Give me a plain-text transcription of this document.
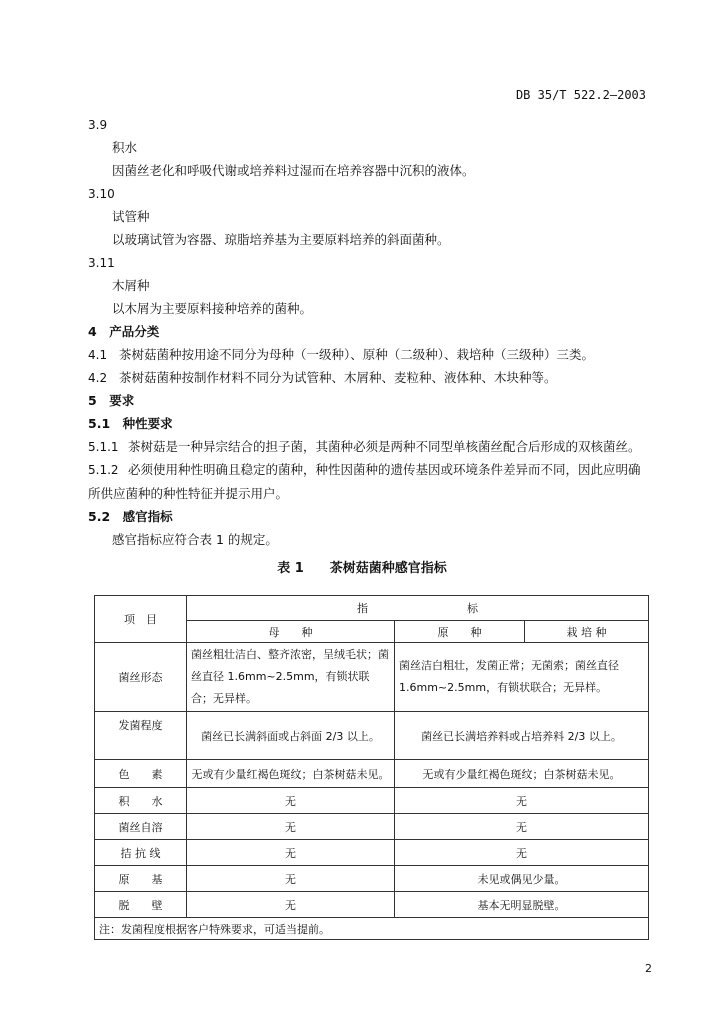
DB 35/T 522.2—2003
3.9
积水
因菌丝老化和呼吸代谢或培养料过湿而在培养容器中沉积的液体。
3.10
试管种
以玻璃试管为容器、琼脂培养基为主要原料培养的斜面菌种。
3.11
木屑种
以木屑为主要原料接种培养的菌种。
4　产品分类
4.1 茶树菇菌种按用途不同分为母种（一级种）、原种（二级种）、栽培种（三级种）三类。
4.2 茶树菇菌种按制作材料不同分为试管种、木屑种、麦粒种、液体种、木块种等。
5　要求
5.1　种性要求
5.1.1 茶树菇是一种异宗结合的担子菌，其菌种必须是两种不同型单核菌丝配合后形成的双核菌丝。
5.1.2 必须使用种性明确且稳定的菌种，种性因菌种的遗传基因或环境条件差异而不同，因此应明确
所供应菌种的种性特征并提示用户。
5.2　感官指标
感官指标应符合表 1 的规定。
表 1　　茶树菇菌种感官指标
项　目	指　　　　　　　　　标		
	母　　种	原　　种	栽 培 种
菌丝形态	菌丝粗壮洁白、整齐浓密，呈绒毛状；菌丝直径 1.6mm~2.5mm，有锁状联合；无异样。	菌丝洁白粗壮，发菌正常；无菌索；菌丝直径 1.6mm~2.5mm，有锁状联合；无异样。	
发菌程度	菌丝已长满斜面或占斜面 2/3 以上。	菌丝已长满培养料或占培养料 2/3 以上。	
色　　素	无或有少量红褐色斑纹；白茶树菇未见。	无或有少量红褐色斑纹；白茶树菇未见。	
积　　水	无	无	
菌丝自溶	无	无	
拮 抗 线	无	无	
原　　基	无	未见或偶见少量。	
脱　　壁	无	基本无明显脱壁。	
注：发菌程度根据客户特殊要求，可适当提前。			
2
